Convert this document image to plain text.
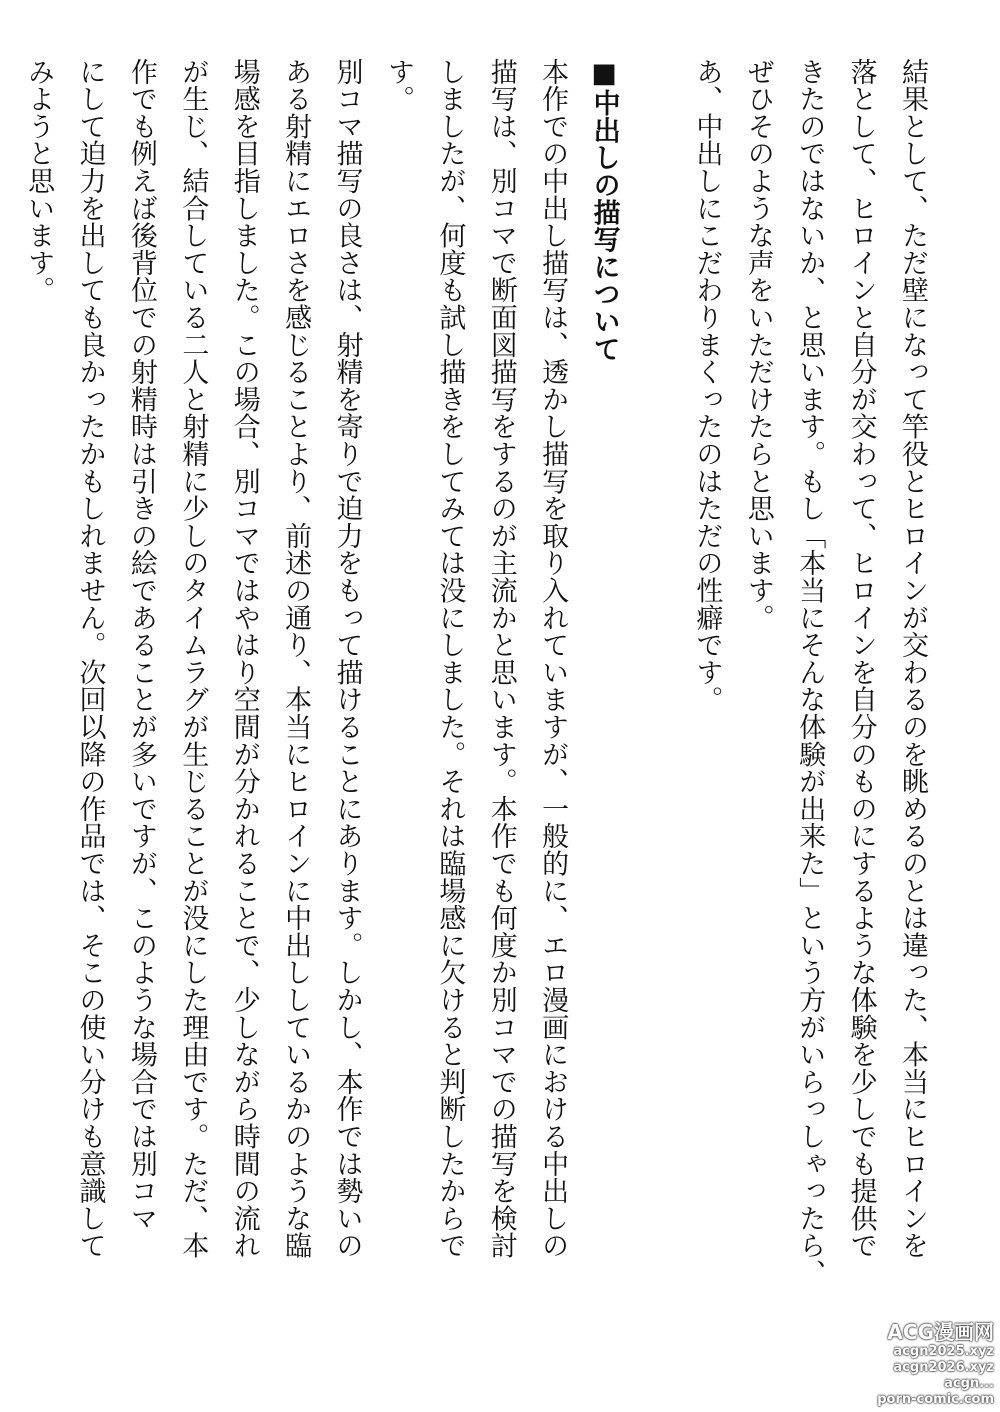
結果として、ただ壁になって竿役とヒロインが交わるのを眺めるのとは違った、本当にヒロインを
落として、ヒロインと自分が交わって、ヒロインを自分のものにするような体験を少しでも提供で
きたのではないか、と思います。もし「本当にそんな体験が出来た」という方がいらっしゃったら、
ぜひそのような声をいただけたらと思います。
あ、中出しにこだわりまくったのはただの性癖です。
■中出しの描写について
本作での中出し描写は、透かし描写を取り入れていますが、一般的に、エロ漫画における中出しの
描写は、別コマで断面図描写をするのが主流かと思います。本作でも何度か別コマでの描写を検討
しましたが、何度も試し描きをしてみては没にしました。それは臨場感に欠けると判断したからで
す。
別コマ描写の良さは、射精を寄りで迫力をもって描けることにあります。しかし、本作では勢いの
ある射精にエロさを感じることより、前述の通り、本当にヒロインに中出ししているかのような臨
場感を目指しました。この場合、別コマではやはり空間が分かれることで、少しながら時間の流れ
が生じ、結合している二人と射精に少しのタイムラグが生じることが没にした理由です。ただ、本
作でも例えば後背位での射精時は引きの絵であることが多いですが、このような場合では別コマ
にして迫力を出しても良かったかもしれません。次回以降の作品では、そこの使い分けも意識して
みようと思います。
ACG漫画网
acgn2025.xyz
acgn2026.xyz
acgn...
porn-comic.com
